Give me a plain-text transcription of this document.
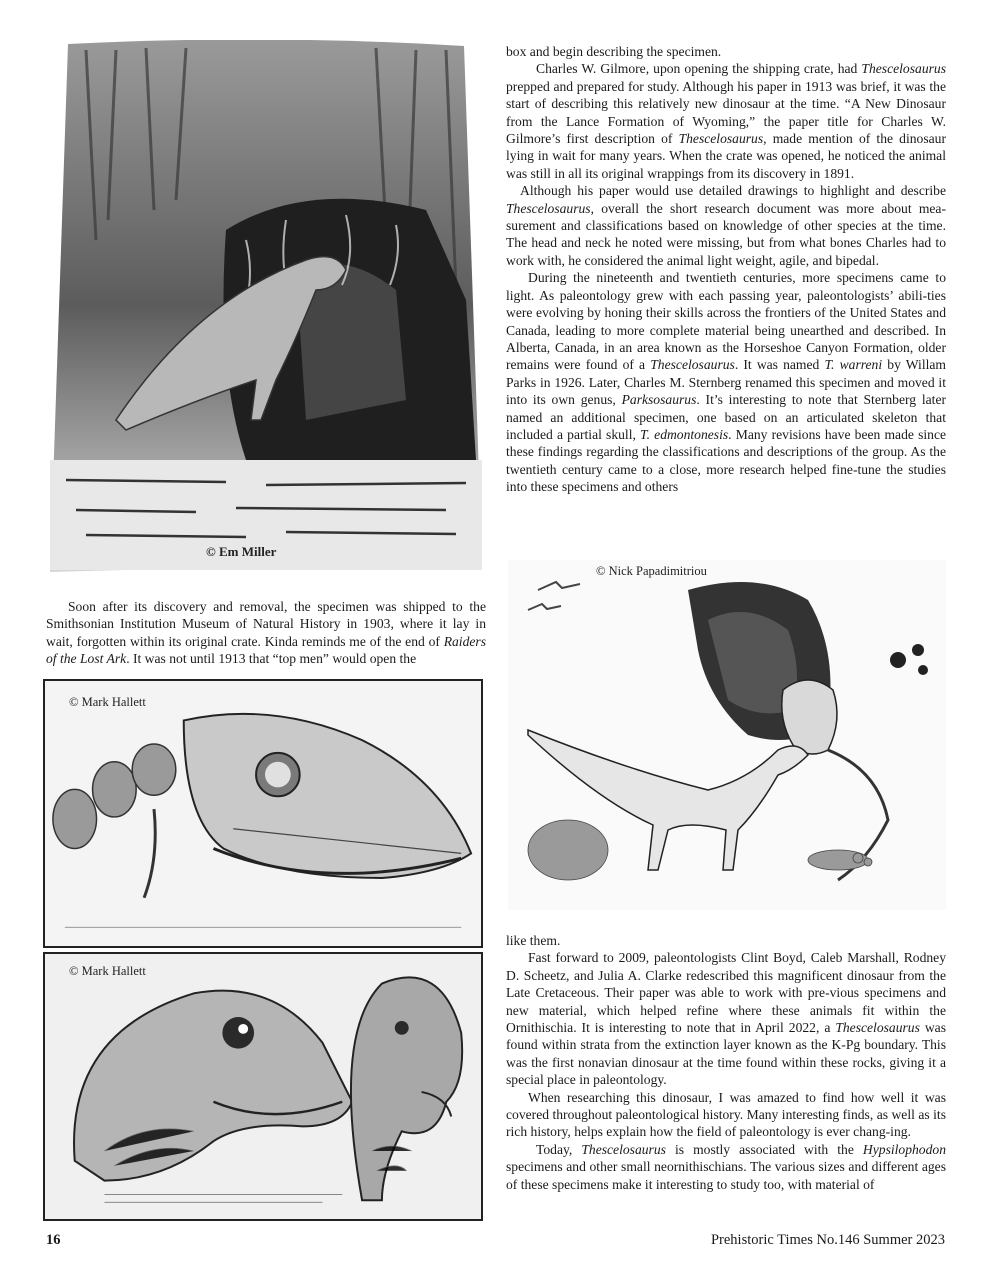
© Em Miller

Soon after its discovery and removal, the specimen was shipped to the Smithsonian Institution Museum of Natural History in 1903, where it lay in wait, forgotten within its original crate. Kinda reminds me of the end of Raiders of the Lost Ark. It was not until 1913 that “top men” would open the

© Mark Hallett
© Mark Hallett

box and begin describing the specimen.

Charles W. Gilmore, upon opening the shipping crate, had Thescelosaurus prepped and prepared for study. Although his paper in 1913 was brief, it was the start of describing this relatively new dinosaur at the time. “A New Dinosaur from the Lance Formation of Wyoming,” the paper title for Charles W. Gilmore’s first description of Thescelosaurus, made mention of the dinosaur lying in wait for many years. When the crate was opened, he noticed the animal was still in all its original wrappings from its discovery in 1891.

Although his paper would use detailed drawings to highlight and describe Thescelosaurus, overall the short research document was more about mea-surement and classifications based on knowledge of other species at the time. The head and neck he noted were missing, but from what bones Charles had to work with, he considered the animal light weight, agile, and bipedal.

During the nineteenth and twentieth centuries, more specimens came to light. As paleontology grew with each passing year, paleontologists’ abili-ties were evolving by honing their skills across the frontiers of the United States and Canada, leading to more complete material being unearthed and described. In Alberta, Canada, in an area known as the Horseshoe Canyon Formation, older remains were found of a Thescelosaurus. It was named T. warreni by Willam Parks in 1926. Later, Charles M. Sternberg renamed this specimen and moved it into its own genus, Parksosaurus. It’s interesting to note that Sternberg later named an additional specimen, one based on an articulated skeleton that included a partial skull, T. edmontonesis. Many revisions have been made since these findings regarding the classifications and descriptions of the group. As the twentieth century came to a close, more research helped fine-tune the studies into these specimens and others

© Nick Papadimitriou

like them.

Fast forward to 2009, paleontologists Clint Boyd, Caleb Marshall, Rodney D. Scheetz, and Julia A. Clarke redescribed this magnificent dinosaur from the Late Cretaceous. Their paper was able to work with pre-vious specimens and new material, which helped refine where these animals fit within the Ornithischia. It is interesting to note that in April 2022, a Thescelosaurus was found within strata from the extinction layer known as the K-Pg boundary. This was the first nonavian dinosaur at the time found within these rocks, giving it a special place in paleontology.

When researching this dinosaur, I was amazed to find how well it was covered throughout paleontological history. Many interesting finds, as well as its rich history, helps explain how the field of paleontology is ever chang-ing.

Today, Thescelosaurus is mostly associated with the Hypsilophodon specimens and other small neornithischians. The various sizes and different ages of these specimens make it interesting to study too, with material of

16	Prehistoric Times No.146 Summer 2023
